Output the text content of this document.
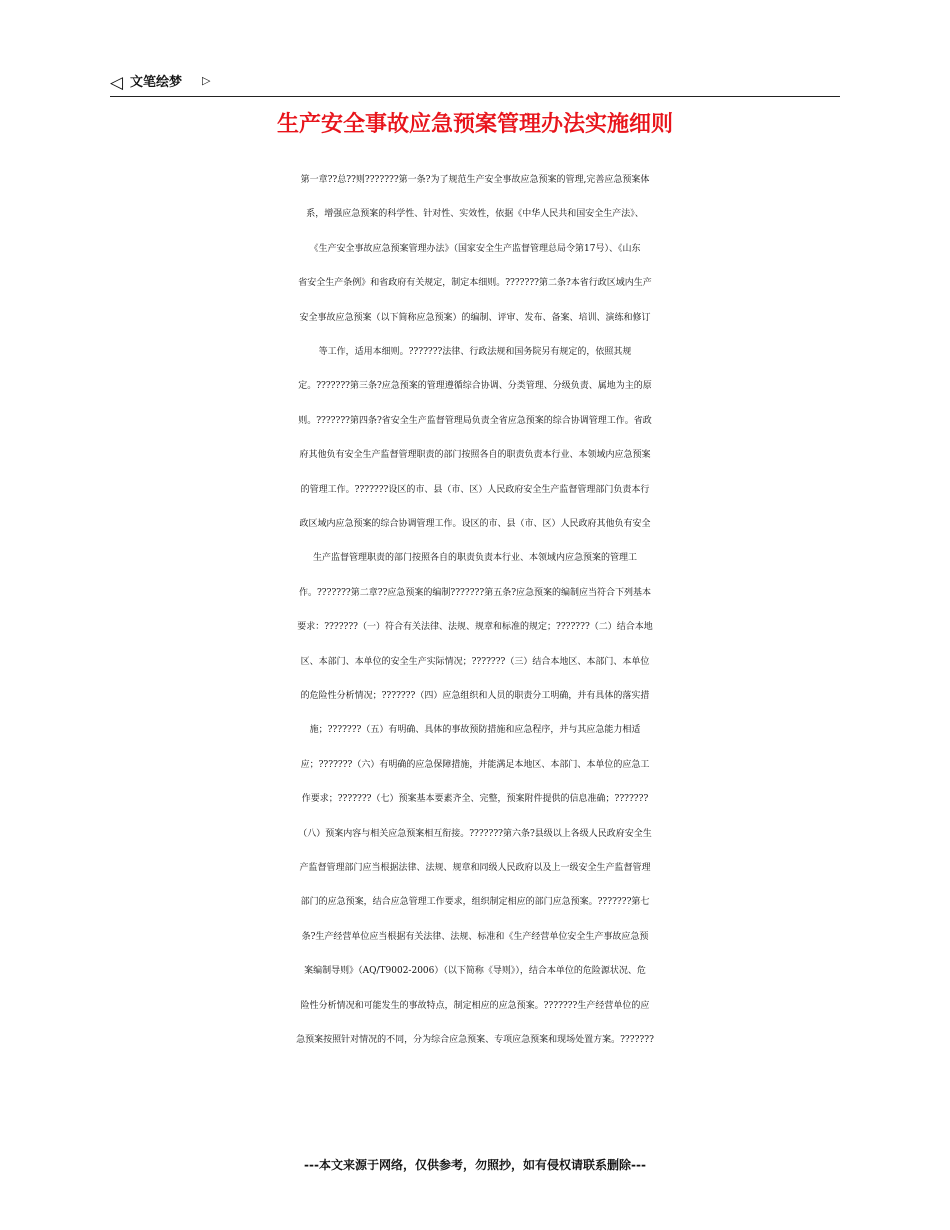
◁ 文笔绘梦 ▷
生产安全事故应急预案管理办法实施细则
第一章??总??则???????第一条?为了规范生产安全事故应急预案的管理,完善应急预案体
系，增强应急预案的科学性、针对性、实效性，依据《中华人民共和国安全生产法》、
《生产安全事故应急预案管理办法》（国家安全生产监督管理总局令第17号）、《山东
省安全生产条例》和省政府有关规定，制定本细则。???????第二条?本省行政区域内生产
安全事故应急预案（以下简称应急预案）的编制、评审、发布、备案、培训、演练和修订
等工作，适用本细则。???????法律、行政法规和国务院另有规定的，依照其规
定。???????第三条?应急预案的管理遵循综合协调、分类管理、分级负责、属地为主的原
则。???????第四条?省安全生产监督管理局负责全省应急预案的综合协调管理工作。省政
府其他负有安全生产监督管理职责的部门按照各自的职责负责本行业、本领域内应急预案
的管理工作。???????设区的市、县（市、区）人民政府安全生产监督管理部门负责本行
政区域内应急预案的综合协调管理工作。设区的市、县（市、区）人民政府其他负有安全
生产监督管理职责的部门按照各自的职责负责本行业、本领域内应急预案的管理工
作。???????第二章??应急预案的编制???????第五条?应急预案的编制应当符合下列基本
要求：???????（一）符合有关法律、法规、规章和标准的规定；???????（二）结合本地
区、本部门、本单位的安全生产实际情况；???????（三）结合本地区、本部门、本单位
的危险性分析情况；???????（四）应急组织和人员的职责分工明确，并有具体的落实措
施；???????（五）有明确、具体的事故预防措施和应急程序，并与其应急能力相适
应；???????（六）有明确的应急保障措施，并能满足本地区、本部门、本单位的应急工
作要求；???????（七）预案基本要素齐全、完整，预案附件提供的信息准确；???????
（八）预案内容与相关应急预案相互衔接。???????第六条?县级以上各级人民政府安全生
产监督管理部门应当根据法律、法规、规章和同级人民政府以及上一级安全生产监督管理
部门的应急预案，结合应急管理工作要求，组织制定相应的部门应急预案。???????第七
条?生产经营单位应当根据有关法律、法规、标准和《生产经营单位安全生产事故应急预
案编制导则》（AQ/T9002-2006）（以下简称《导则》），结合本单位的危险源状况、危
险性分析情况和可能发生的事故特点，制定相应的应急预案。???????生产经营单位的应
急预案按照针对情况的不同，分为综合应急预案、专项应急预案和现场处置方案。???????
---本文来源于网络，仅供参考，勿照抄，如有侵权请联系删除---
